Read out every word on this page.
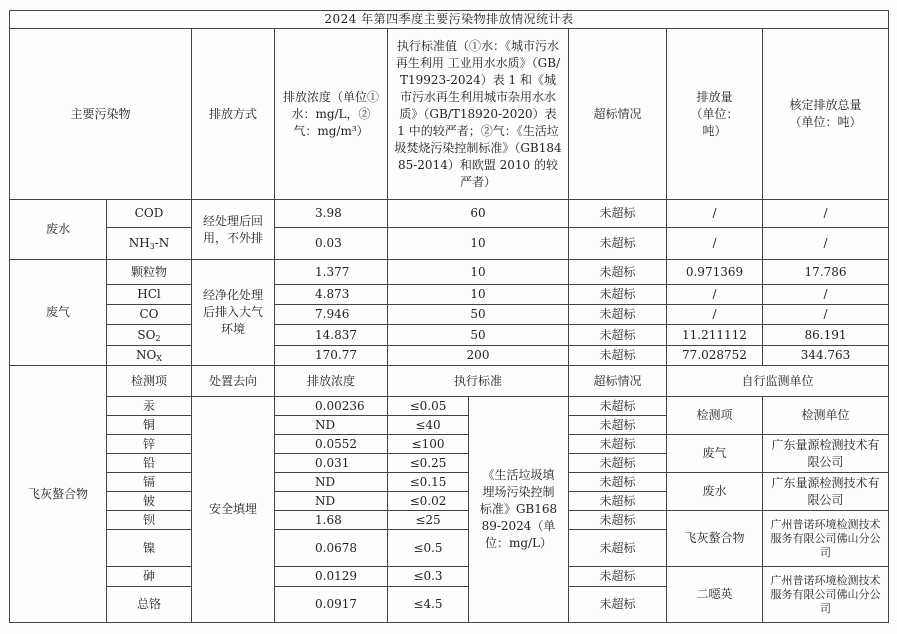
2024 年第四季度主要污染物排放情况统计表								
主要污染物		排放方式	排放浓度（单位①水：mg/L，②气：mg/m³）	执行标准值（①水：《城市污水再生利用 工业用水水质》（GB/T19923-2024）表 1 和《城市污水再生利用城市杂用水水质》（GB/T18920-2020）表 1 中的较严者；②气：《生活垃圾焚烧污染控制标准》（GB18485-2014）和欧盟 2010 的较严者）		超标情况	排放量（单位：吨）	核定排放总量（单位：吨）
废水	COD	经处理后回用，不外排	3.98	60		未超标	/	/
	$NH_3-N$		0.03	10		未超标	/	/
废气	颗粒物	经净化处理后排入大气环境	1.377	10		未超标	0.971369	17.786
	HCl		4.873	10		未超标	/	/
	CO		7.946	50		未超标	/	/
	$SO_2$		14.837	50		未超标	11.211112	86.191
	$NO_X$		170.77	200		未超标	77.028752	344.763
飞灰螯合物	检测项	处置去向	排放浓度	执行标准		超标情况	自行监测单位	
	汞	安全填埋	0.00236	≤0.05	《生活垃圾填埋场污染控制标准》GB16889-2024（单位：mg/L）	未超标	检测项	检测单位
	铜		ND	≤40		未超标		
	锌		0.0552	≤100		未超标	废气	广东量源检测技术有限公司
	铅		0.031	≤0.25		未超标		
	镉		ND	≤0.15		未超标	废水	广东量源检测技术有限公司
	铍		ND	≤0.02		未超标		
	钡		1.68	≤25		未超标	飞灰螯合物	广州普诺环境检测技术服务有限公司佛山分公司
	镍		0.0678	≤0.5		未超标		
	砷		0.0129	≤0.3		未超标	二噁英	广州普诺环境检测技术服务有限公司佛山分公司
	总铬		0.0917	≤4.5		未超标		
